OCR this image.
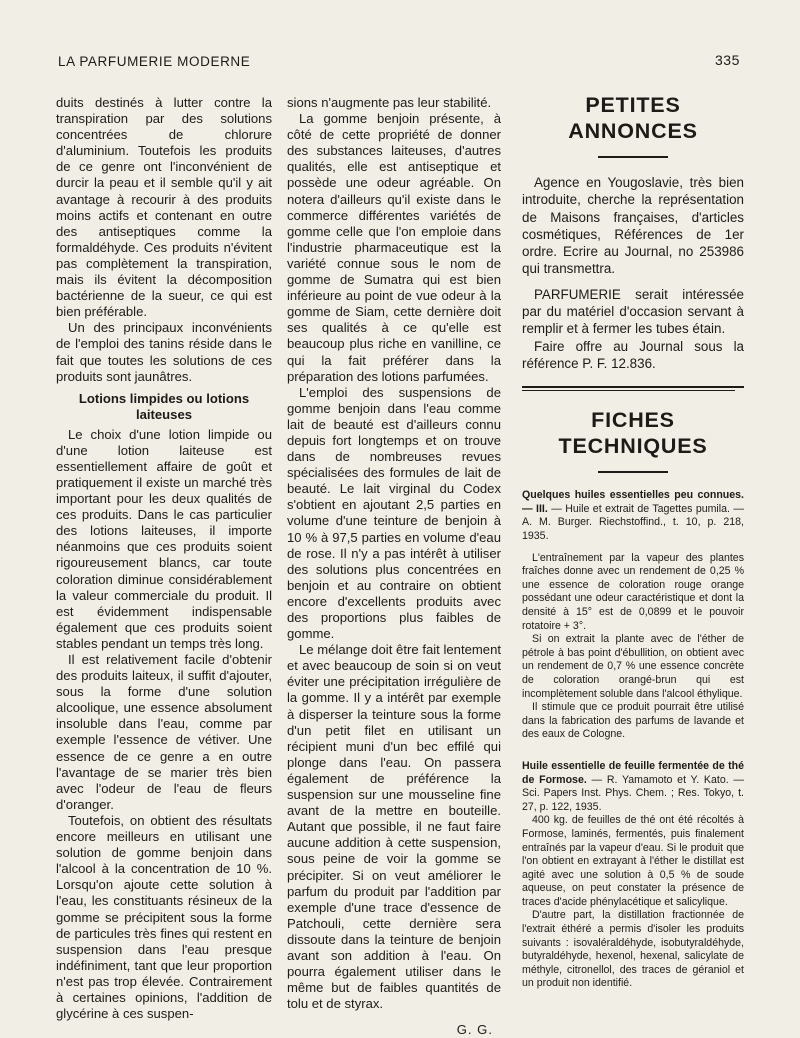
LA PARFUMERIE MODERNE	335

duits destinés à lutter contre la transpiration par des solutions concentrées de chlorure d'aluminium. Toutefois les produits de ce genre ont l'inconvénient de durcir la peau et il semble qu'il y ait avantage à recourir à des produits moins actifs et contenant en outre des antiseptiques comme la formaldéhyde. Ces produits n'évitent pas complètement la transpiration, mais ils évitent la décomposition bactérienne de la sueur, ce qui est bien préférable.

Un des principaux inconvénients de l'emploi des tanins réside dans le fait que toutes les solutions de ces produits sont jaunâtres.

Lotions limpides ou lotions laiteuses

Le choix d'une lotion limpide ou d'une lotion laiteuse est essentiellement affaire de goût et pratiquement il existe un marché très important pour les deux qualités de ces produits. Dans le cas particulier des lotions laiteuses, il importe néanmoins que ces produits soient rigoureusement blancs, car toute coloration diminue considérablement la valeur commerciale du produit. Il est évidemment indispensable également que ces produits soient stables pendant un temps très long.

Il est relativement facile d'obtenir des produits laiteux, il suffit d'ajouter, sous la forme d'une solution alcoolique, une essence absolument insoluble dans l'eau, comme par exemple l'essence de vétiver. Une essence de ce genre a en outre l'avantage de se marier très bien avec l'odeur de l'eau de fleurs d'oranger.

Toutefois, on obtient des résultats encore meilleurs en utilisant une solution de gomme benjoin dans l'alcool à la concentration de 10 %. Lorsqu'on ajoute cette solution à l'eau, les constituants résineux de la gomme se précipitent sous la forme de particules très fines qui restent en suspension dans l'eau presque indéfiniment, tant que leur proportion n'est pas trop élevée. Contrairement à certaines opinions, l'addition de glycérine à ces suspen-

sions n'augmente pas leur stabilité.

La gomme benjoin présente, à côté de cette propriété de donner des substances laiteuses, d'autres qualités, elle est antiseptique et possède une odeur agréable. On notera d'ailleurs qu'il existe dans le commerce différentes variétés de gomme celle que l'on emploie dans l'industrie pharmaceutique est la variété connue sous le nom de gomme de Sumatra qui est bien inférieure au point de vue odeur à la gomme de Siam, cette dernière doit ses qualités à ce qu'elle est beaucoup plus riche en vanilline, ce qui la fait préférer dans la préparation des lotions parfumées.

L'emploi des suspensions de gomme benjoin dans l'eau comme lait de beauté est d'ailleurs connu depuis fort longtemps et on trouve dans de nombreuses revues spécialisées des formules de lait de beauté. Le lait virginal du Codex s'obtient en ajoutant 2,5 parties en volume d'une teinture de benjoin à 10 % à 97,5 parties en volume d'eau de rose. Il n'y a pas intérêt à utiliser des solutions plus concentrées en benjoin et au contraire on obtient encore d'excellents produits avec des proportions plus faibles de gomme.

Le mélange doit être fait lentement et avec beaucoup de soin si on veut éviter une précipitation irrégulière de la gomme. Il y a intérêt par exemple à disperser la teinture sous la forme d'un petit filet en utilisant un récipient muni d'un bec effilé qui plonge dans l'eau. On passera également de préférence la suspension sur une mousseline fine avant de la mettre en bouteille. Autant que possible, il ne faut faire aucune addition à cette suspension, sous peine de voir la gomme se précipiter. Si on veut améliorer le parfum du produit par l'addition par exemple d'une trace d'essence de Patchouli, cette dernière sera dissoute dans la teinture de benjoin avant son addition à l'eau. On pourra également utiliser dans le même but de faibles quantités de tolu et de styrax.

G. G.
PETITES ANNONCES

Agence en Yougoslavie, très bien introduite, cherche la représentation de Maisons françaises, d'articles cosmétiques, Références de 1er ordre. Ecrire au Journal, no 253986 qui transmettra.

PARFUMERIE serait intéressée par du matériel d'occasion servant à remplir et à fermer les tubes étain.

Faire offre au Journal sous la référence P. F. 12.836.

FICHES TECHNIQUES

Quelques huiles essentielles peu connues. — III. — Huile et extrait de Tagettes pumila. — A. M. Burger. Riechstoffind., t. 10, p. 218, 1935.

L'entraînement par la vapeur des plantes fraîches donne avec un rendement de 0,25 % une essence de coloration rouge orange possédant une odeur caractéristique et dont la densité à 15° est de 0,0899 et le pouvoir rotatoire + 3°.

Si on extrait la plante avec de l'éther de pétrole à bas point d'ébullition, on obtient avec un rendement de 0,7 % une essence concrète de coloration orangé-brun qui est incomplètement soluble dans l'alcool éthylique.

Il stimule que ce produit pourrait être utilisé dans la fabrication des parfums de lavande et des eaux de Cologne.

Huile essentielle de feuille fermentée de thé de Formose. — R. Yamamoto et Y. Kato. — Sci. Papers Inst. Phys. Chem. ; Res. Tokyo, t. 27, p. 122, 1935.

400 kg. de feuilles de thé ont été récoltés à Formose, laminés, fermentés, puis finalement entraînés par la vapeur d'eau. Si le produit que l'on obtient en extrayant à l'éther le distillat est agité avec une solution à 0,5 % de soude aqueuse, on peut constater la présence de traces d'acide phénylacétique et salicylique.

D'autre part, la distillation fractionnée de l'extrait éthéré a permis d'isoler les produits suivants : isovaléraldéhyde, isobutyraldéhyde, butyraldéhyde, hexenol, hexenal, salicylate de méthyle, citronellol, des traces de géraniol et un produit non identifié.
